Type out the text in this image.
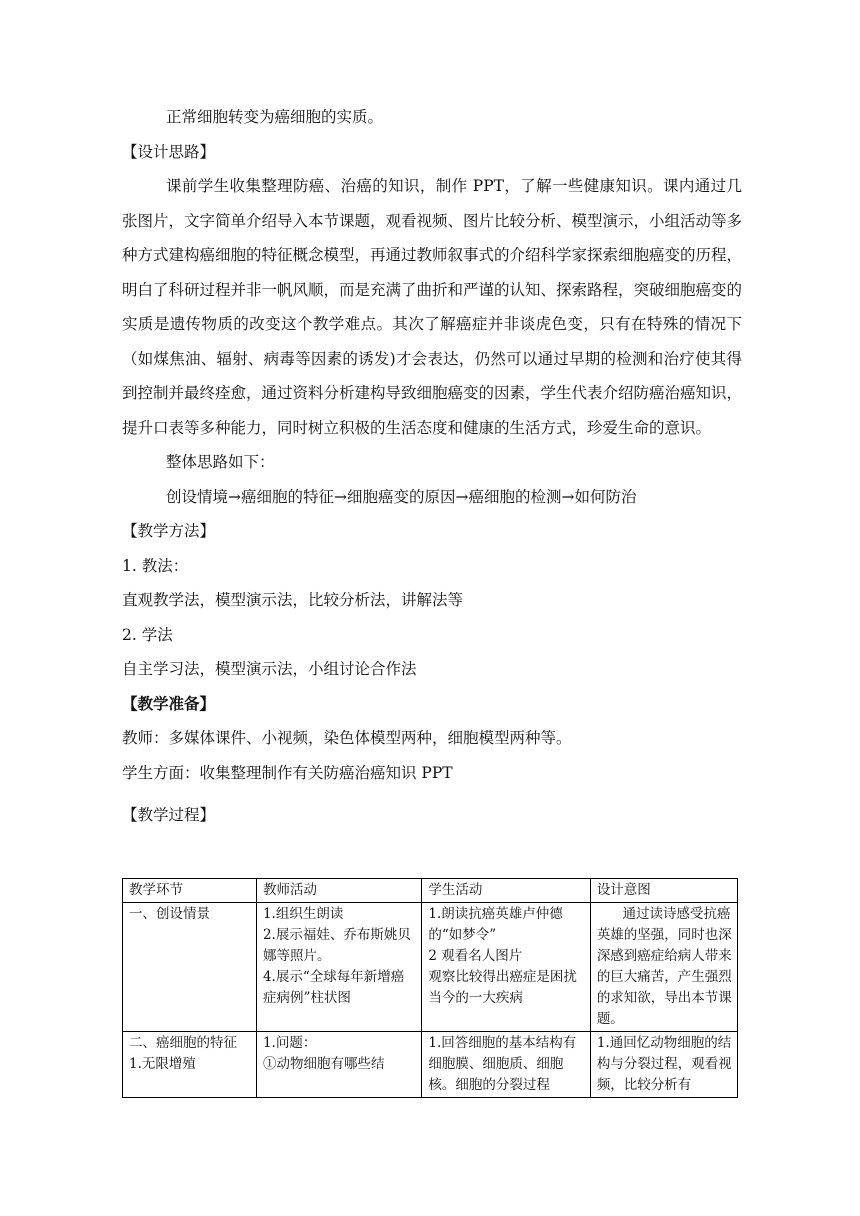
正常细胞转变为癌细胞的实质。

【设计思路】

课前学生收集整理防癌、治癌的知识，制作 PPT，了解一些健康知识。课内通过几张图片，文字简单介绍导入本节课题，观看视频、图片比较分析、模型演示，小组活动等多种方式建构癌细胞的特征概念模型，再通过教师叙事式的介绍科学家探索细胞癌变的历程，明白了科研过程并非一帆风顺，而是充满了曲折和严谨的认知、探索路程，突破细胞癌变的实质是遗传物质的改变这个教学难点。其次了解癌症并非谈虎色变，只有在特殊的情况下（如煤焦油、辐射、病毒等因素的诱发)才会表达，仍然可以通过早期的检测和治疗使其得到控制并最终痊愈，通过资料分析建构导致细胞癌变的因素，学生代表介绍防癌治癌知识，提升口表等多种能力，同时树立积极的生活态度和健康的生活方式，珍爱生命的意识。

整体思路如下：

创设情境→癌细胞的特征→细胞癌变的原因→癌细胞的检测→如何防治

【教学方法】

1. 教法：

直观教学法，模型演示法，比较分析法，讲解法等

2. 学法

自主学习法，模型演示法，小组讨论合作法

【教学准备】

教师：多媒体课件、小视频，染色体模型两种，细胞模型两种等。

学生方面：收集整理制作有关防癌治癌知识 PPT

【教学过程】

教学环节	教师活动	学生活动	设计意图
一、创设情景	1.组织生朗读
2.展示福娃、乔布斯姚贝娜等照片。
4.展示“全球每年新增癌症病例”柱状图	1.朗读抗癌英雄卢仲德的“如梦令”
2 观看名人图片
观察比较得出癌症是困扰当今的一大疾病	通过读诗感受抗癌英雄的坚强，同时也深深感到癌症给病人带来的巨大痛苦，产生强烈的求知欲，导出本节课题。

二、癌细胞的特征
1.无限增殖	1.问题：
①动物细胞有哪些结	1.回答细胞的基本结构有细胞膜、细胞质、细胞核。细胞的分裂过程	1.通回忆动物细胞的结构与分裂过程，观看视频，比较分析有
